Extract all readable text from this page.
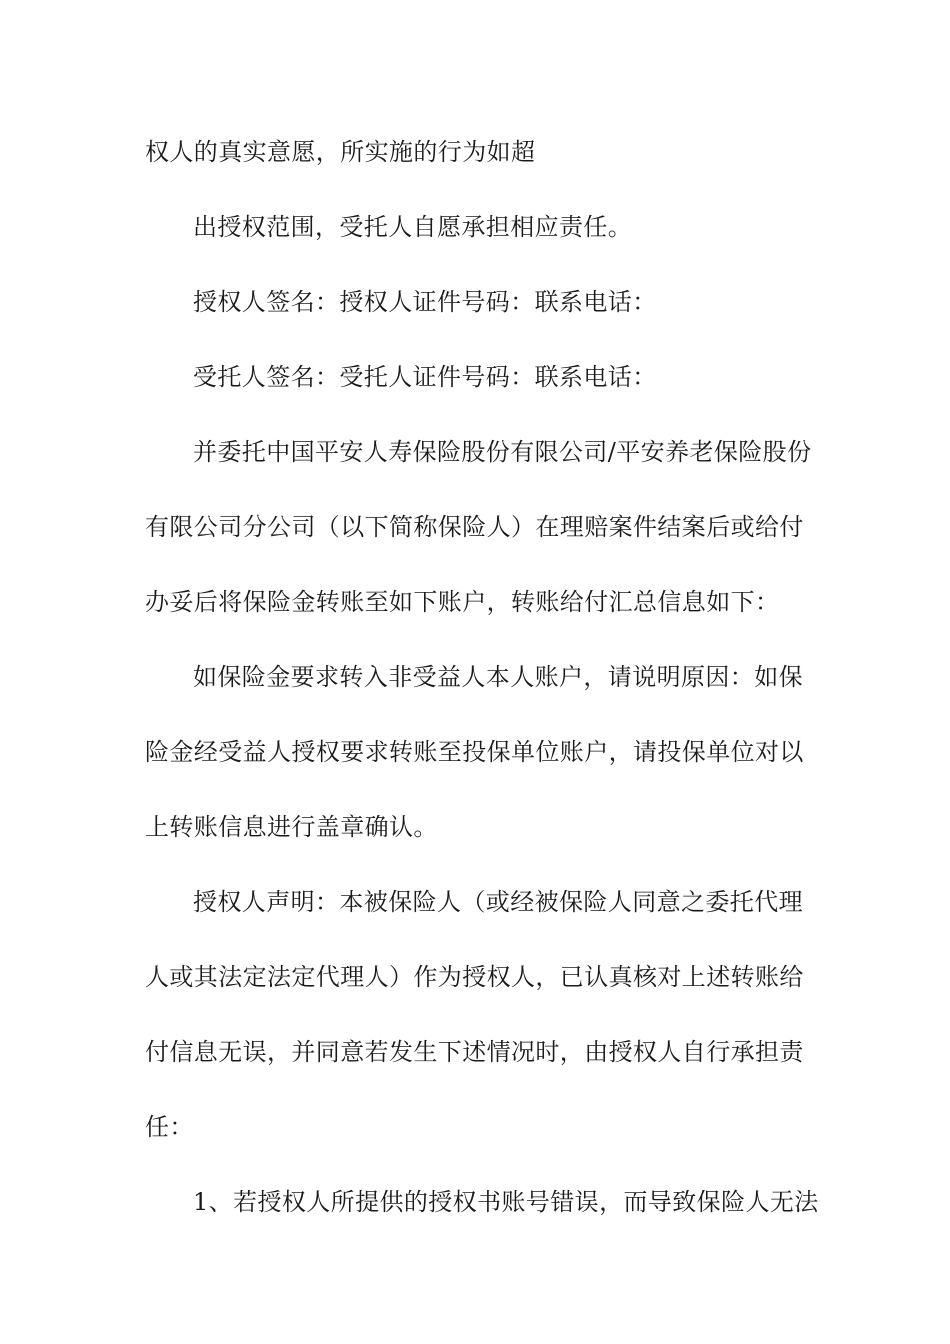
权人的真实意愿，所实施的行为如超
出授权范围，受托人自愿承担相应责任。
授权人签名：授权人证件号码：联系电话：
受托人签名：受托人证件号码：联系电话：
并委托中国平安人寿保险股份有限公司/平安养老保险股份
有限公司分公司（以下简称保险人）在理赔案件结案后或给付
办妥后将保险金转账至如下账户，转账给付汇总信息如下：
如保险金要求转入非受益人本人账户，请说明原因：如保
险金经受益人授权要求转账至投保单位账户，请投保单位对以
上转账信息进行盖章确认。
授权人声明：本被保险人（或经被保险人同意之委托代理
人或其法定法定代理人）作为授权人，已认真核对上述转账给
付信息无误，并同意若发生下述情况时，由授权人自行承担责
任：
1、若授权人所提供的授权书账号错误，而导致保险人无法
